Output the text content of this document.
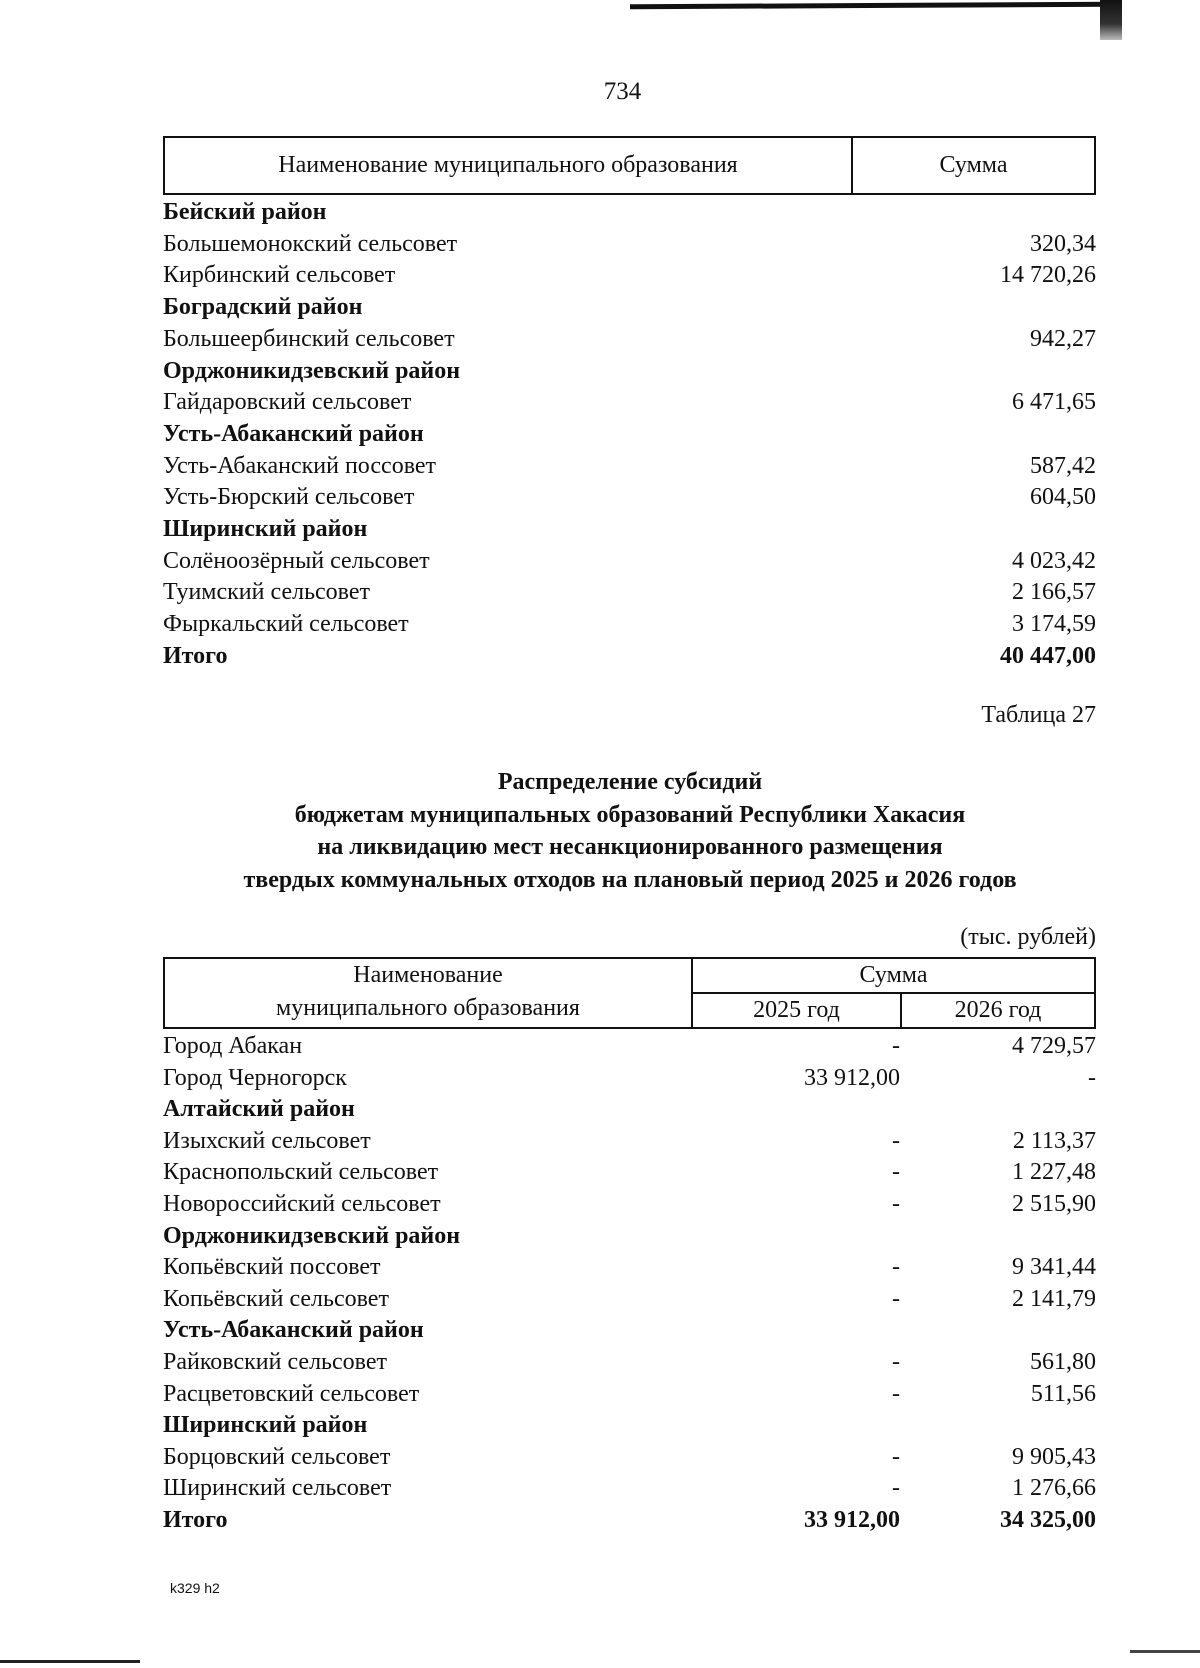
734
Наименование муниципального образования	Сумма
Бейский район
Большемонокский сельсовет	320,34
Кирбинский сельсовет	14 720,26
Боградский район
Большеербинский сельсовет	942,27
Орджоникидзевский район
Гайдаровский сельсовет	6 471,65
Усть-Абаканский район
Усть-Абаканский поссовет	587,42
Усть-Бюрский сельсовет	604,50
Ширинский район
Солёноозёрный сельсовет	4 023,42
Туимский сельсовет	2 166,57
Фыркальский сельсовет	3 174,59
Итого	40 447,00
Таблица 27
Распределение субсидий
бюджетам муниципальных образований Республики Хакасия
на ликвидацию мест несанкционированного размещения
твердых коммунальных отходов на плановый период 2025 и 2026 годов
(тыс. рублей)
Наименование
муниципального образования
Сумма
2025 год	2026 год
Город Абакан	-	4 729,57
Город Черногорск	33 912,00	-
Алтайский район
Изыхский сельсовет	-	2 113,37
Краснопольский сельсовет	-	1 227,48
Новороссийский сельсовет	-	2 515,90
Орджоникидзевский район
Копьёвский поссовет	-	9 341,44
Копьёвский сельсовет	-	2 141,79
Усть-Абаканский район
Райковский сельсовет	-	561,80
Расцветовский сельсовет	-	511,56
Ширинский район
Борцовский сельсовет	-	9 905,43
Ширинский сельсовет	-	1 276,66
Итого	33 912,00	34 325,00
k329 h2
